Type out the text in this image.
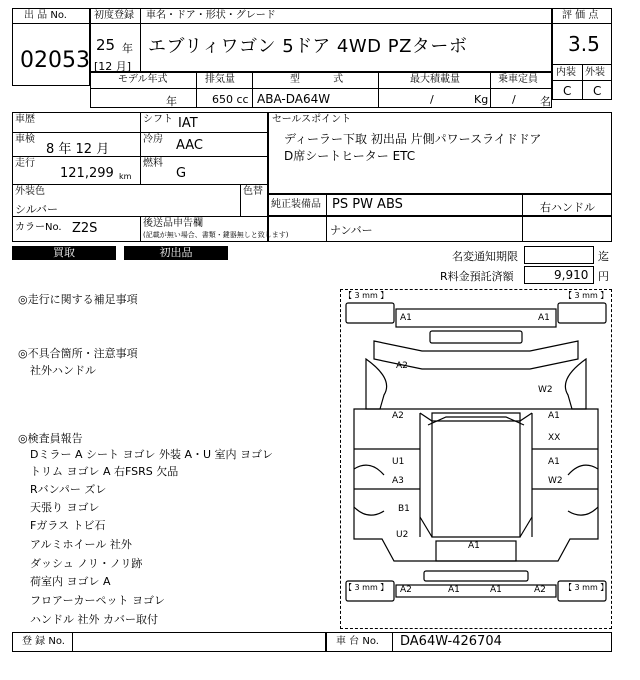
出 品 No.
02053
初度登録 車名・ドア・形状・グレード
25 年
[12 月]
エブリィワゴン 5ドア 4WD PZターボ
評 価 点
3.5
内装 外装
C C
モデル年式	排気量	型 式	最大積載量	乗車定員
年	650 cc ABA-DA64W	/	Kg / 名
車歴	シフト IAT
車検
8 年 12 月
冷房 AAC
走行
121,299 km
燃料
G
外装色
シルバー
色替
カラーNo. Z2S	後送品申告欄
(記載が無い場合、書類・鍵器無しと致します)
セールスポイント
ディーラー下取 初出品 片側パワースライドドア
D席シートヒーター ETC
純正装備品 PS PW ABS	右ハンドル
ナンバー
買取	初出品	名変通知期限	迄
R料金預託済額	9,910 円
◎走行に関する補足事項
◎不具合箇所・注意事項
社外ハンドル
◎検査員報告
Dミラー A シート ヨゴレ 外装 A・U 室内 ヨゴレ
トリム ヨゴレ A 右FSRS 欠品
Rバンパー ズレ
天張り ヨゴレ
Fガラス トビ石
アルミホイール 社外
ダッシュ ノリ・ノリ跡
荷室内 ヨゴレ A
フロアーカーペット ヨゴレ
ハンドル 社外 カバー取付
【 3 mm 】	【 3 mm 】
【 3 mm 】	【 3 mm 】
A1	A1
A2
W2
A2	A1
XX
U1
A3
A1
W2
B1
U2
A1
A2	A1	A1	A2
登 録 No.	車 台 No. DA64W-426704
